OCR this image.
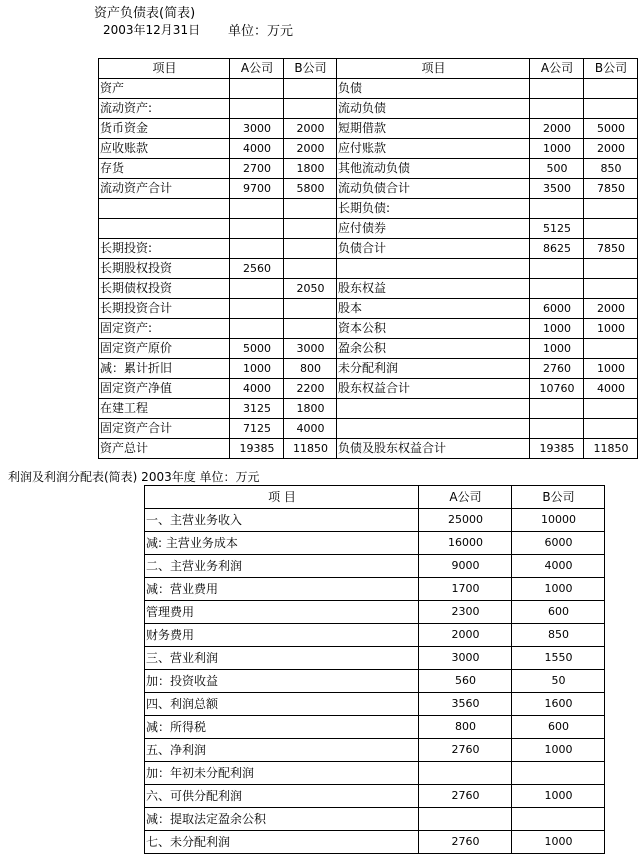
资产负债表(简表)
2003年12月31日 单位：万元
项目	A公司	B公司	项目	A公司	B公司
资产			负债		
流动资产:			流动负债		
货币资金	3000	2000	短期借款	2000	5000
应收账款	4000	2000	应付账款	1000	2000
存货	2700	1800	其他流动负债	500	850
流动资产合计	9700	5800	流动负债合计	3500	7850
			长期负债:		
			应付债券	5125	
长期投资:			负债合计	8625	7850
长期股权投资	2560				
长期债权投资		2050	股东权益		
长期投资合计			股本	6000	2000
固定资产:			资本公积	1000	1000
固定资产原价	5000	3000	盈余公积	1000	
减：累计折旧	1000	800	未分配利润	2760	1000
固定资产净值	4000	2200	股东权益合计	10760	4000
在建工程	3125	1800			
固定资产合计	7125	4000			
资产总计	19385	11850	负债及股东权益合计	19385	11850
利润及利润分配表(简表) 2003年度 单位：万元
项 目	A公司	B公司
一、主营业务收入	25000	10000
减: 主营业务成本	16000	6000
二、主营业务利润	9000	4000
减：营业费用	1700	1000
管理费用	2300	600
财务费用	2000	850
三、营业利润	3000	1550
加：投资收益	560	50
四、利润总额	3560	1600
减：所得税	800	600
五、净利润	2760	1000
加：年初未分配利润		
六、可供分配利润	2760	1000
减：提取法定盈余公积		
七、未分配利润	2760	1000
